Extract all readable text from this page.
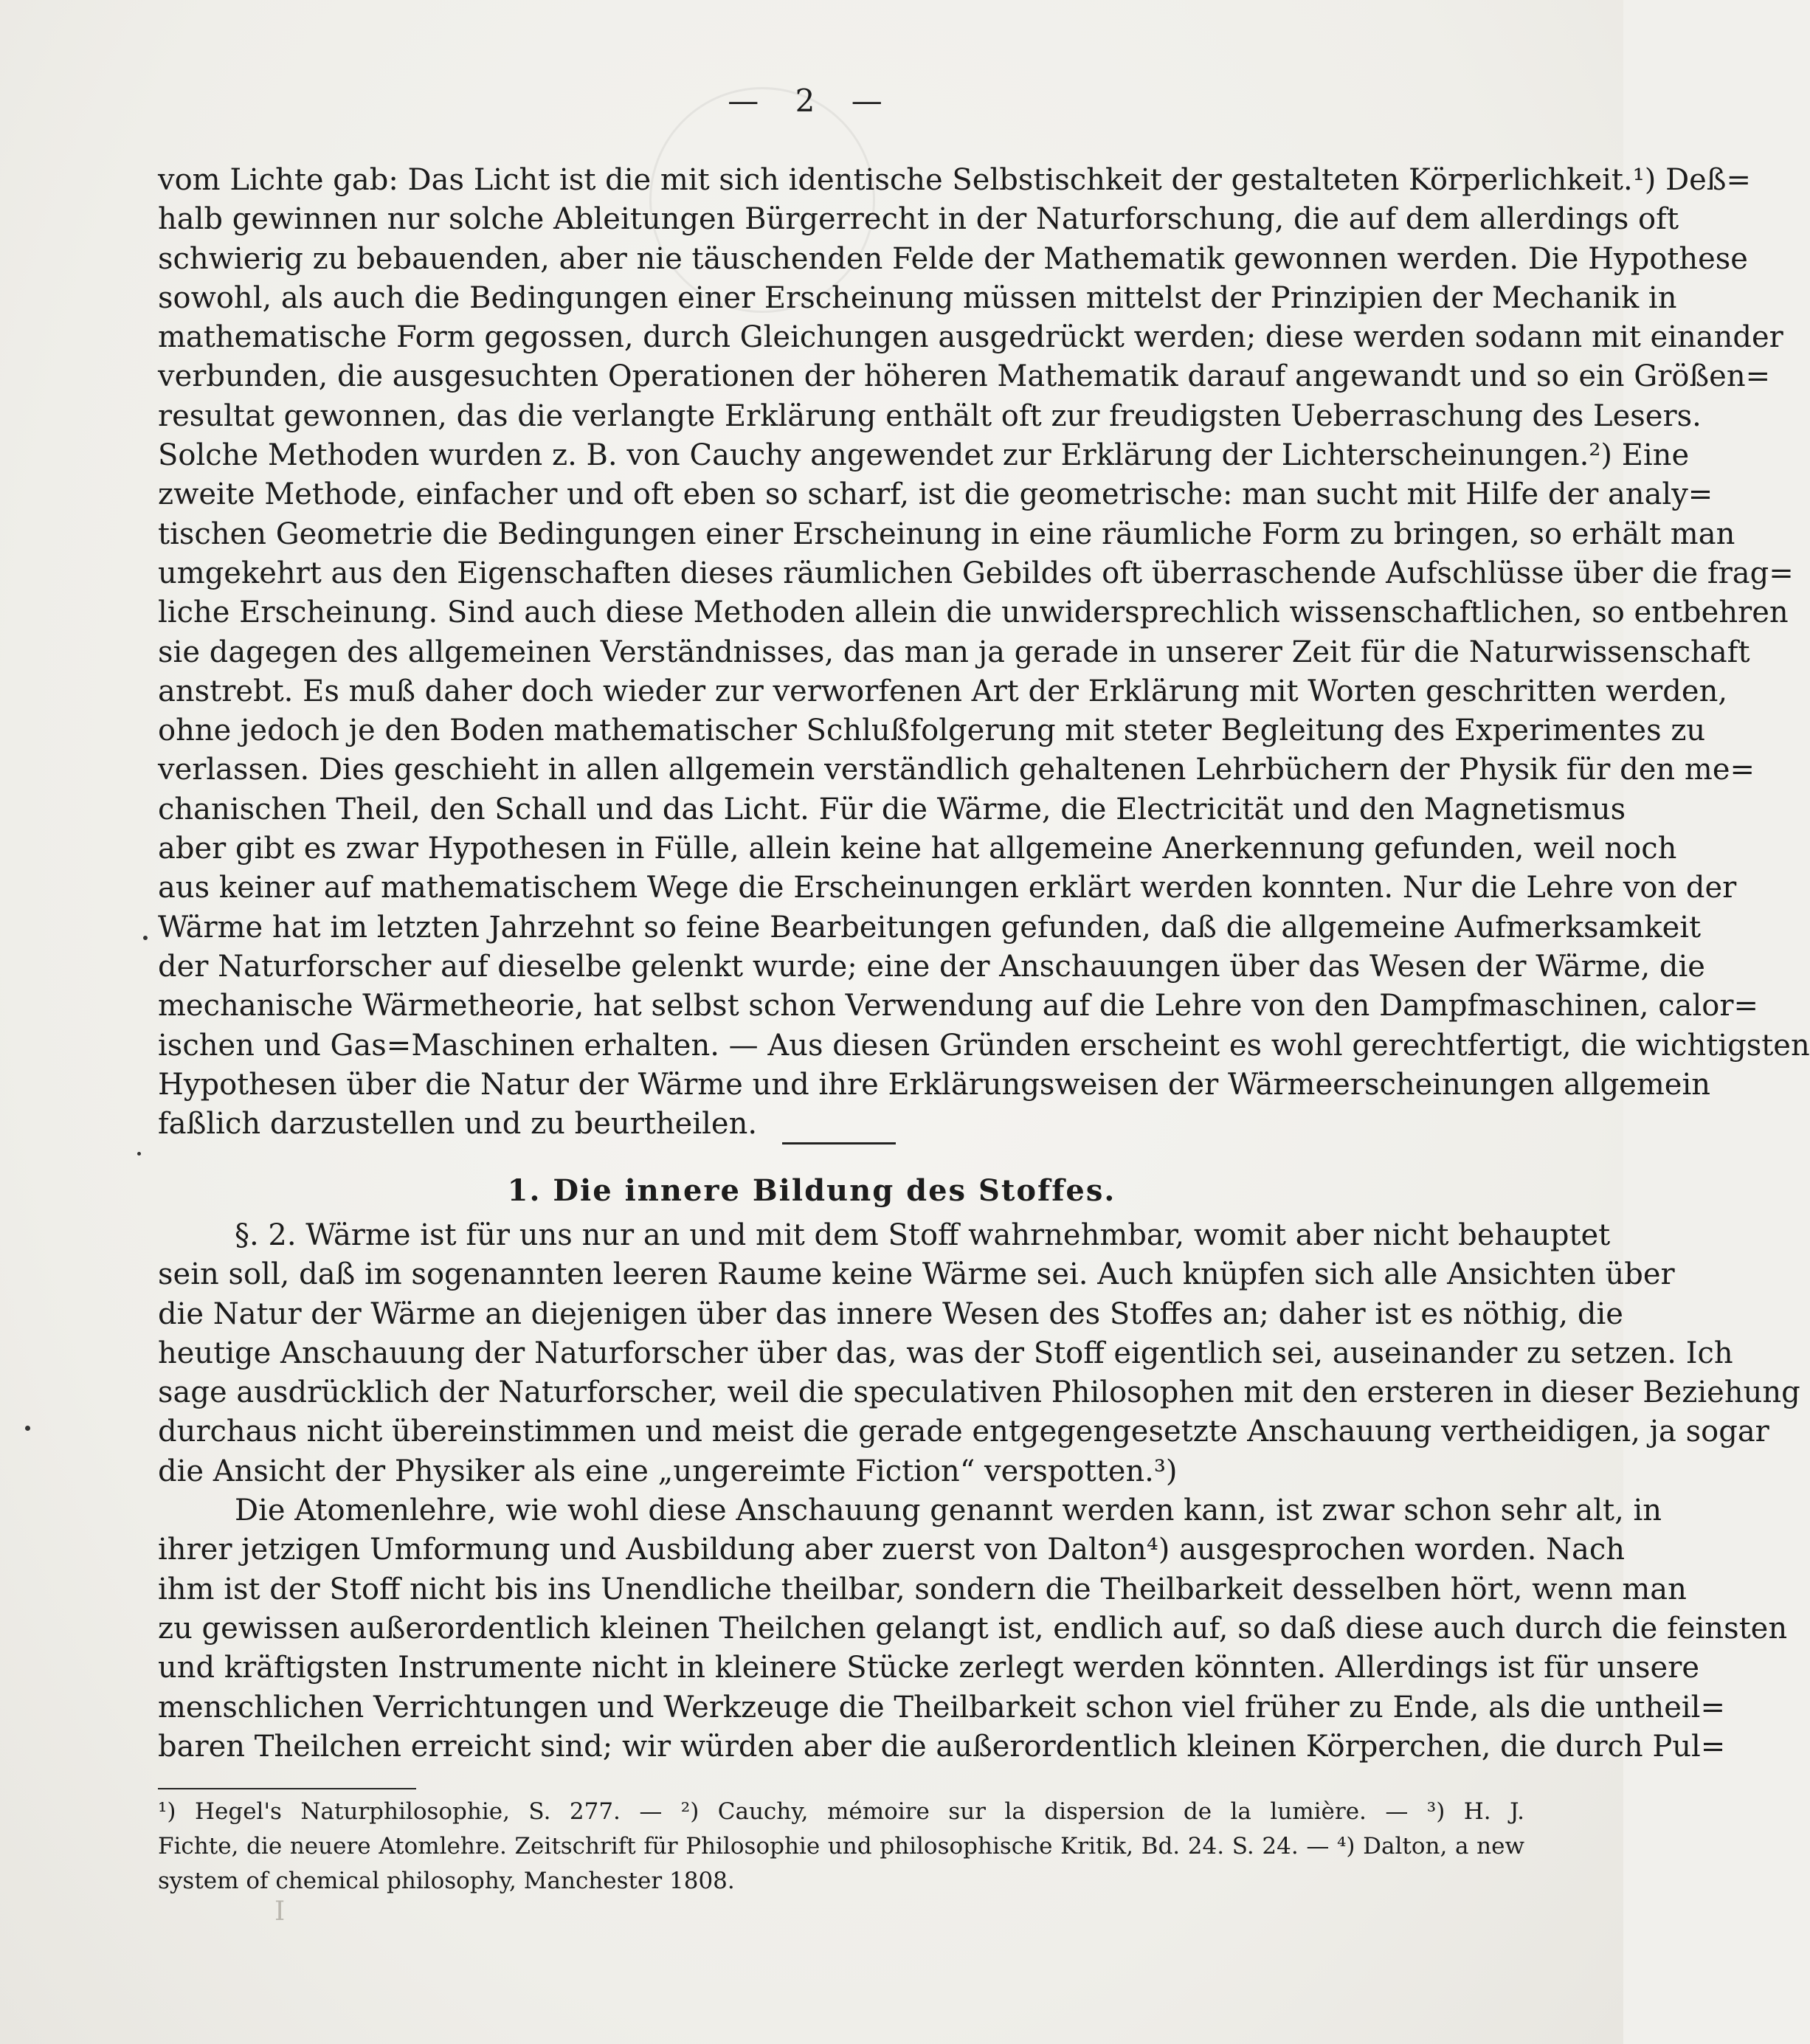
— 2 —
vom Lichte gab: Das Licht ist die mit sich identische Selbstischkeit der gestalteten Körperlichkeit.¹) Deß=
halb gewinnen nur solche Ableitungen Bürgerrecht in der Naturforschung, die auf dem allerdings oft
schwierig zu bebauenden, aber nie täuschenden Felde der Mathematik gewonnen werden. Die Hypothese
sowohl, als auch die Bedingungen einer Erscheinung müssen mittelst der Prinzipien der Mechanik in
mathematische Form gegossen, durch Gleichungen ausgedrückt werden; diese werden sodann mit einander
verbunden, die ausgesuchten Operationen der höheren Mathematik darauf angewandt und so ein Größen=
resultat gewonnen, das die verlangte Erklärung enthält oft zur freudigsten Ueberraschung des Lesers.
Solche Methoden wurden z. B. von Cauchy angewendet zur Erklärung der Lichterscheinungen.²) Eine
zweite Methode, einfacher und oft eben so scharf, ist die geometrische: man sucht mit Hilfe der analy=
tischen Geometrie die Bedingungen einer Erscheinung in eine räumliche Form zu bringen, so erhält man
umgekehrt aus den Eigenschaften dieses räumlichen Gebildes oft überraschende Aufschlüsse über die frag=
liche Erscheinung. Sind auch diese Methoden allein die unwidersprechlich wissenschaftlichen, so entbehren
sie dagegen des allgemeinen Verständnisses, das man ja gerade in unserer Zeit für die Naturwissenschaft
anstrebt. Es muß daher doch wieder zur verworfenen Art der Erklärung mit Worten geschritten werden,
ohne jedoch je den Boden mathematischer Schlußfolgerung mit steter Begleitung des Experimentes zu
verlassen. Dies geschieht in allen allgemein verständlich gehaltenen Lehrbüchern der Physik für den me=
chanischen Theil, den Schall und das Licht. Für die Wärme, die Electricität und den Magnetismus
aber gibt es zwar Hypothesen in Fülle, allein keine hat allgemeine Anerkennung gefunden, weil noch
aus keiner auf mathematischem Wege die Erscheinungen erklärt werden konnten. Nur die Lehre von der
Wärme hat im letzten Jahrzehnt so feine Bearbeitungen gefunden, daß die allgemeine Aufmerksamkeit
der Naturforscher auf dieselbe gelenkt wurde; eine der Anschauungen über das Wesen der Wärme, die
mechanische Wärmetheorie, hat selbst schon Verwendung auf die Lehre von den Dampfmaschinen, calor=
ischen und Gas=Maschinen erhalten. — Aus diesen Gründen erscheint es wohl gerechtfertigt, die wichtigsten
Hypothesen über die Natur der Wärme und ihre Erklärungsweisen der Wärmeerscheinungen allgemein
faßlich darzustellen und zu beurtheilen.
1. Die innere Bildung des Stoffes.
§. 2. Wärme ist für uns nur an und mit dem Stoff wahrnehmbar, womit aber nicht behauptet
sein soll, daß im sogenannten leeren Raume keine Wärme sei. Auch knüpfen sich alle Ansichten über
die Natur der Wärme an diejenigen über das innere Wesen des Stoffes an; daher ist es nöthig, die
heutige Anschauung der Naturforscher über das, was der Stoff eigentlich sei, auseinander zu setzen. Ich
sage ausdrücklich der Naturforscher, weil die speculativen Philosophen mit den ersteren in dieser Beziehung
durchaus nicht übereinstimmen und meist die gerade entgegengesetzte Anschauung vertheidigen, ja sogar
die Ansicht der Physiker als eine „ungereimte Fiction“ verspotten.³)
Die Atomenlehre, wie wohl diese Anschauung genannt werden kann, ist zwar schon sehr alt, in
ihrer jetzigen Umformung und Ausbildung aber zuerst von Dalton⁴) ausgesprochen worden. Nach
ihm ist der Stoff nicht bis ins Unendliche theilbar, sondern die Theilbarkeit desselben hört, wenn man
zu gewissen außerordentlich kleinen Theilchen gelangt ist, endlich auf, so daß diese auch durch die feinsten
und kräftigsten Instrumente nicht in kleinere Stücke zerlegt werden könnten. Allerdings ist für unsere
menschlichen Verrichtungen und Werkzeuge die Theilbarkeit schon viel früher zu Ende, als die untheil=
baren Theilchen erreicht sind; wir würden aber die außerordentlich kleinen Körperchen, die durch Pul=
¹) Hegel's Naturphilosophie, S. 277. — ²) Cauchy, mémoire sur la dispersion de la lumière. — ³) H. J.
Fichte, die neuere Atomlehre. Zeitschrift für Philosophie und philosophische Kritik, Bd. 24. S. 24. — ⁴) Dalton, a new
system of chemical philosophy, Manchester 1808.
I
